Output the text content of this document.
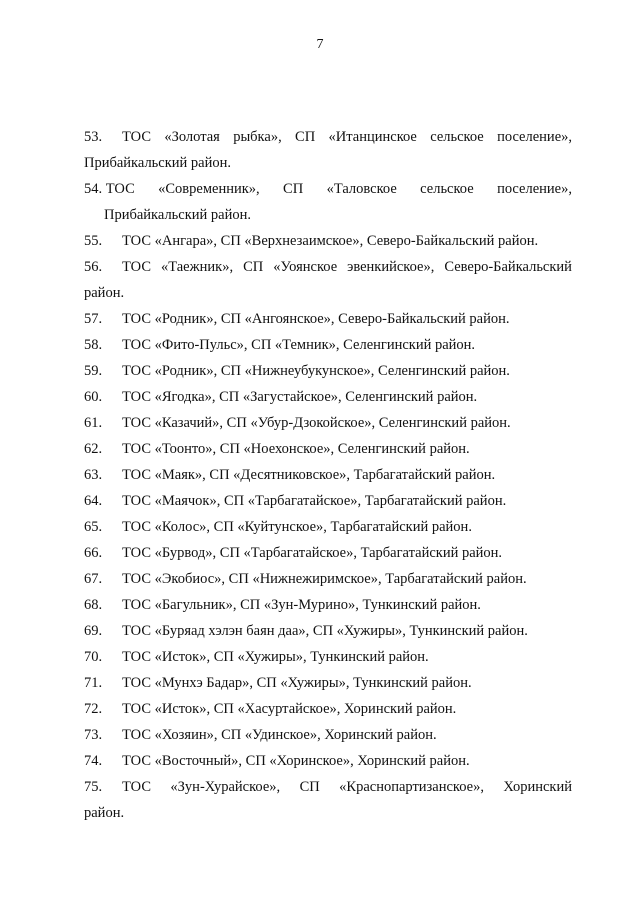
7
53.	ТОС «Золотая рыбка», СП «Итанцинское сельское поселение»,
Прибайкальский район.
54. ТОС «Современник», СП «Таловское сельское поселение»,
Прибайкальский район.
55.	ТОС «Ангара», СП «Верхнезаимское», Северо-Байкальский район.
56.	ТОС «Таежник», СП «Уоянское эвенкийское», Северо-Байкальский
район.
57.	ТОС «Родник», СП «Ангоянское», Северо-Байкальский район.
58.	ТОС «Фито-Пульс», СП «Темник», Селенгинский район.
59.	ТОС «Родник», СП «Нижнеубукунское», Селенгинский район.
60.	ТОС «Ягодка», СП «Загустайское», Селенгинский район.
61.	ТОС «Казачий», СП «Убур-Дзокойское», Селенгинский район.
62.	ТОС «Тоонто», СП «Ноехонское», Селенгинский район.
63.	ТОС «Маяк», СП «Десятниковское», Тарбагатайский район.
64.	ТОС «Маячок», СП «Тарбагатайское», Тарбагатайский район.
65.	ТОС «Колос», СП «Куйтунское», Тарбагатайский район.
66.	ТОС «Бурвод», СП «Тарбагатайское», Тарбагатайский район.
67.	ТОС «Экобиос», СП «Нижнежиримское», Тарбагатайский район.
68.	ТОС «Багульник», СП «Зун-Мурино», Тункинский район.
69.	ТОС «Буряад хэлэн баян даа», СП «Хужиры», Тункинский район.
70.	ТОС «Исток», СП «Хужиры», Тункинский район.
71.	ТОС «Мунхэ Бадар», СП «Хужиры», Тункинский район.
72.	ТОС «Исток», СП «Хасуртайское», Хоринский район.
73.	ТОС «Хозяин», СП «Удинское», Хоринский район.
74.	ТОС «Восточный», СП «Хоринское», Хоринский район.
75.	ТОС «Зун-Хурайское», СП «Краснопартизанское», Хоринский
район.
